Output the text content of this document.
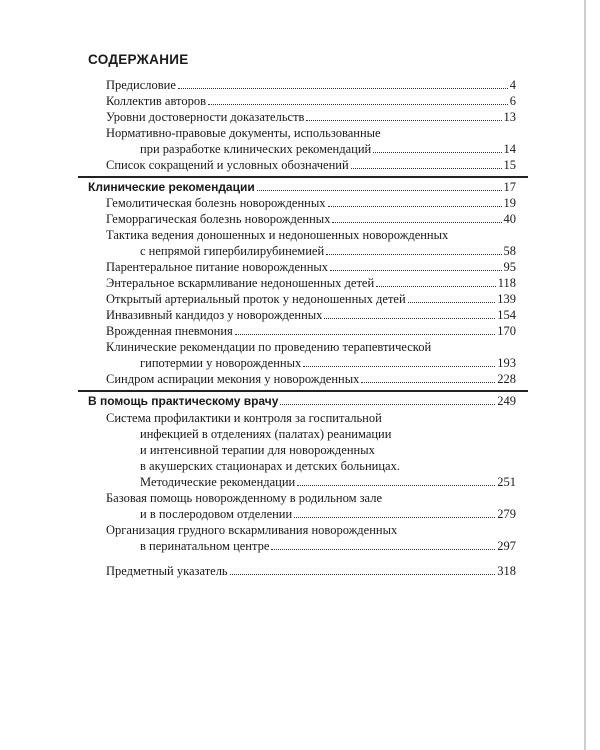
СОДЕРЖАНИЕ
Предисловие	4
Коллектив авторов	6
Уровни достоверности доказательств	13
Нормативно-правовые документы, использованные
при разработке клинических рекомендаций	14
Список сокращений и условных обозначений	15
Клинические рекомендации	17
Гемолитическая болезнь новорожденных	19
Геморрагическая болезнь новорожденных	40
Тактика ведения доношенных и недоношенных новорожденных
с непрямой гипербилирубинемией	58
Парентеральное питание новорожденных	95
Энтеральное вскармливание недоношенных детей	118
Открытый артериальный проток у недоношенных детей	139
Инвазивный кандидоз у новорожденных	154
Врожденная пневмония	170
Клинические рекомендации по проведению терапевтической
гипотермии у новорожденных	193
Синдром аспирации мекония у новорожденных	228
В помощь практическому врачу	249
Система профилактики и контроля за госпитальной
инфекцией в отделениях (палатах) реанимации
и интенсивной терапии для новорожденных
в акушерских стационарах и детских больницах.
Методические рекомендации	251
Базовая помощь новорожденному в родильном зале
и в послеродовом отделении	279
Организация грудного вскармливания новорожденных
в перинатальном центре	297
Предметный указатель	318
